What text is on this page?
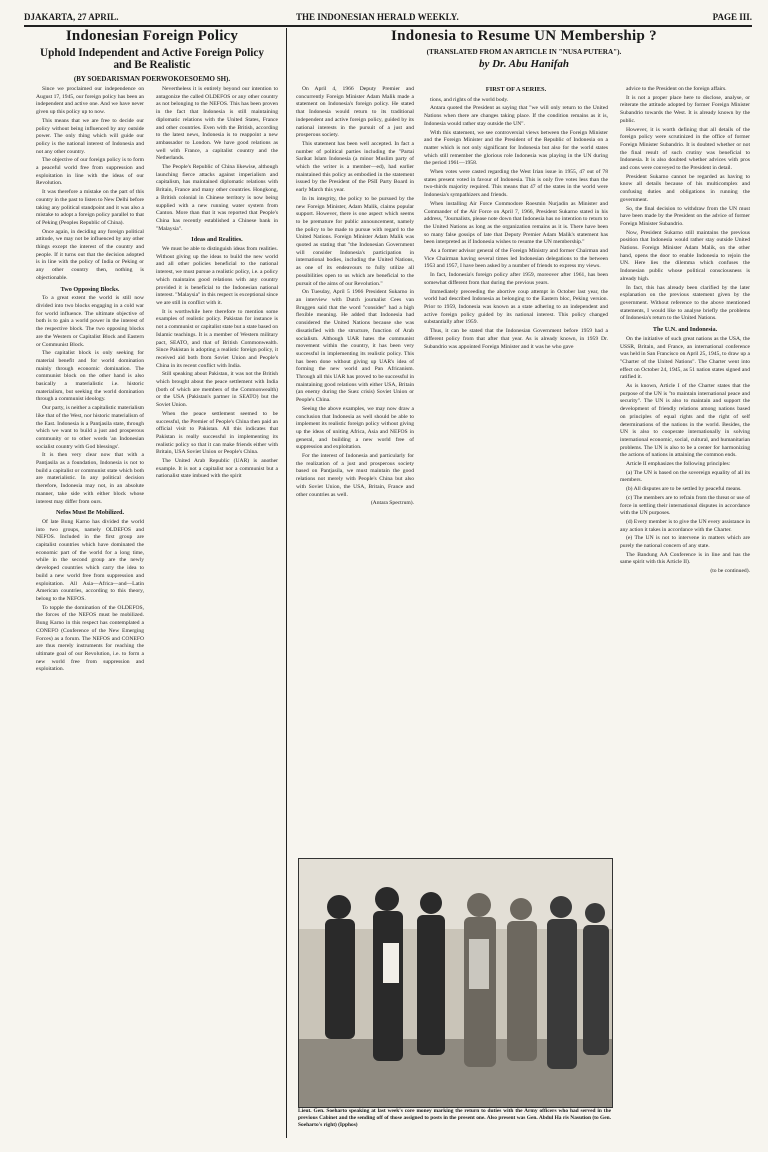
DJAKARTA, 27 APRIL.	THE INDONESIAN HERALD WEEKLY.	PAGE III.
Indonesian Foreign Policy
Uphold Independent and Active Foreign Policy and Be Realistic
(BY SOEDARISMAN POERWOKOESOEMO SH).

Since we proclaimed our independence on August 17, 1945, our foreign policy has been an independent and active one. And we have never given up this policy up to now.

This means that we are free to decide our policy without being influenced by any outside power. The only thing which will guide our policy is the national interest of Indonesia and not any other country.

The objective of our foreign policy is to form a peaceful world free from suppression and exploitation in line with the ideas of our Revolution.

It was therefore a mistake on the part of this country in the past to listen to New Delhi before taking any political standpoint and it was also a mistake to adopt a foreign policy parallel to that of Peking (Peoples Republic of China).

Once again, in deciding any foreign political attitude, we may not be influenced by any other things except the interest of the country and people. If it turns out that the decision adopted is in line with the policy of India or Peking or any other country then, nothing is objectionable.

Two Opposing Blocks.

To a great extent the world is still now divided into two blocks engaging in a cold war for world influence. The ultimate objective of both is to gain a world power in the interest of the respective block. The two opposing blocks are the Western or Capitalist Block and Eastern or Communist Block.

The capitalist block is only seeking for material benefit and for world domination mainly through economic domination. The communist block on the other hand is also basically a materialistic i.e. historic materialism, but seeking the world domination through a communist ideology.

Our party, is neither a capitalistic materialism like that of the West, nor historic materialism of the East. Indonesia is a Pantjasila state, through which we want to build a just and prosperous community or to other words 'an Indonesian socialist country with God blessings'.

It is then very clear now that with a Pantjasila as a foundation, Indonesia is not to build a capitalist or communist state which both are materialistic. In any political decision therefore, Indonesia may not, in an absolute manner, take side with either block whose interest may differ from ours.

Nefos Must Be Mobilized.

Of late Bung Karno has divided the world into two groups, namely OLDEFOS and NEFOS. Included in the first group are capitalist countries which have dominated the economic part of the world for a long time, while in the second group are the newly developed countries which carry the idea to build a new world free from suppression and exploitation. All Asia—Africa—and—Latin American countries, according to this theory, belong to the NEFOS.

To topple the domination of the OLDEFOS, the forces of the NEFOS must be mobilized. Bung Karno in this respect has contemplated a CONEFO (Conference of the New Emerging Forces) as a forum. The NEFOS and CONEFO are thus merely instruments for reaching the ultimate goal of our Revolution, i.e. to form a new world free from suppression and exploitation.

Nevertheless it is entirely beyond our intention to antagonize the called OLDEFOS or any other country as not belonging to the NEFOS. This has been proven in the fact that Indonesia is still maintaining diplomatic relations with the United States, France and other countries. Even with the British, according to the latest news, Indonesia is to reappoint a new ambassador to London. We have good relations as well with France, a capitalist country and the Netherlands.

The People's Republic of China likewise, although launching fierce attacks against imperialism and capitalism, has maintained diplomatic relations with Britain, France and many other countries. Hongkong, a British colonial in Chinese territory is now being supplied with a new running water system from Canton. More than that it was reported that People's China has recently established a Chinese bank in "Malaysia".

Ideas and Realities.

We must be able to distinguish ideas from realities. Without giving up the ideas to build the new world and all other policies beneficial to the national interest, we must pursue a realistic policy, i.e. a policy which maintains good relations with any country provided it is beneficial to the Indonesian national interest. "Malaysia" in this respect is exceptional since we are still in conflict with it.

It is worthwhile here therefore to mention some examples of realistic policy. Pakistan for instance is not a communist or capitalist state but a state based on Islamic teachings. It is a member of Western military pact, SEATO, and that of British Commonwealth. Since Pakistan is adopting a realistic foreign policy, it received aid both from Soviet Union and People's China in its recent conflict with India.

Still speaking about Pakistan, it was not the British which brought about the peace settlement with India (both of which are members of the Commonwealth) or the USA (Pakistan's partner in SEATO) but the Soviet Union.

When the peace settlement seemed to be successful, the Premier of People's China then paid an official visit to Pakistan. All this indicates that Pakistan is really successful in implementing its realistic policy so that it can make friends either with Britain, USA Soviet Union or People's China.

The United Arab Republic (UAR) is another example. It is not a capitalist nor a communist but a nationalist state imbued with the spirit

Indonesia to Resume UN Membership ?
(TRANSLATED FROM AN ARTICLE IN "NUSA PUTERA").
by Dr. Abu Hanifah

On April 4, 1966 Deputy Premier and concurrently Foreign Minister Adam Malik made a statement on Indonesia's foreign policy. He stated that Indonesia would return to its traditional independent and active foreign policy, guided by its national interests in the pursuit of a just and prosperous society.

This statement has been well accepted. In fact a number of political parties including the "Partai Sarikat Islam Indonesia (a minor Muslim party of which the writer is a member—ed), had earlier maintained this policy as embodied in the statement issued by the President of the PSII Party Board in early March this year.

In its integrity, the policy to be pursued by the new Foreign Minister, Adam Malik, claims popular support. However, there is one aspect which seems to be premature for public announcement, namely the policy to be made to pursue with regard to the United Nations. Foreign Minister Adam Malik was quoted as stating that "the Indonesian Government will consider Indonesia's participation in international bodies, including the United Nations, as one of its endeavours to fully utilize all possibilities open to us which are beneficial to the pursuit of the aims of our Revolution."

On Tuesday, April 5 1966 President Sukarno in an interview with Dutch journalist Cees van Bruggen said that the word "consider" had a high flexible meaning. He added that Indonesia had considered the United Nations because she was dissatisfied with the structure, function of Arab socialism. Although UAR hates the communist movement within the country, it has been very successful in implementing its realistic policy. This has been done without giving up UAR's idea of forming the new world and Pan Africanism. Through all this UAR has proved to be successful in maintaining good relations with either USA, Britain (an enemy during the Suez crisis) Soviet Union or People's China.

Seeing the above examples, we may now draw a conclusion that Indonesia as well should be able to implement its realistic foreign policy without giving up the ideas of uniting Africa, Asia and NEFOS in general, and building a new world free of suppression and exploitation.

For the interest of Indonesia and particularly for the realization of a just and prosperous society based on Pantjasila, we must maintain the good relations not merely with People's China but also with Soviet Union, the USA, Britain, France and other countries as well.

(Antara Spectrum).

FIRST OF A SERIES.

tions, and rights of the world body.

Antara quoted the President as saying that "we will only return to the United Nations when there are changes taking place. If the condition remains as it is, Indonesia would rather stay outside the UN".

With this statement, we see controversial views between the Foreign Minister and the Foreign Minister and the President of the Republic of Indonesia on a matter which is not only significant for Indonesia but also for the world states which still remember the glorious role Indonesia was playing in the UN during the period 1961—1958.

When votes were casted regarding the West Irian issue in 1955, 47 out of 78 states present voted in favour of Indonesia. This is only five votes less than the two-thirds majority required. This means that 47 of the states in the world were Indonesia's sympathizers and friends.

When installing Air Force Commodore Roesmin Nurjadin as Minister and Commander of the Air Force on April 7, 1966, President Sukarno stated in his address, "Journalists, please note down that Indonesia has no intention to return to the United Nations as long as the organization remains as it is. There have been so many false gossips of late that Deputy Premier Adam Malik's statement has been interpreted as if Indonesia wishes to resume the UN membership."

As a former advisor general of the Foreign Ministry and former Chairman and Vice Chairman having several times led Indonesian delegations to the between 1953 and 1957, I have been asked by a number of friends to express my views.

In fact, Indonesia's foreign policy after 1959, moreover after 1961, has been somewhat different from that during the previous years.

Immediately preceeding the abortive coup attempt in October last year, the world had described Indonesia as belonging to the Eastern bloc, Peking version. Prior to 1959, Indonesia was known as a state adhering to an independent and active foreign policy guided by its national interest. This policy changed substantially after 1959.

Thus, it can be stated that the Indonesian Government before 1959 had a different policy from that after that year. As is already known, in 1959 Dr. Subandrio was appointed Foreign Minister and it was he who gave

advice to the President on the foreign affairs.

It is not a proper place here to disclose, analyse, or reiterate the attitude adopted by former Foreign Minister Subandrio towards the West. It is already known by the public.

However, it is worth defining that all details of the foreign policy were scrutinized in the office of former Foreign Minister Subandrio. It is doubted whether or not the final result of such crutiny was beneficial to Indonesia. It is also doubted whether advices with pros and cons were conveyed to the President in detail.

President Sukarno cannot be regarded as having to know all details because of his multicomplex and confusing duties and obligations in running the government.

So, the final decision to withdraw from the UN must have been made by the President on the advice of former Foreign Minister Subandrio.

Now, President Sukarno still maintains the previous position that Indonesia would rather stay outside United Nations. Foreign Minister Adam Malik, on the other hand, opens the door to enable Indonesia to rejoin the UN. Here lies the dilemma which confuses the Indonesian public whose political consciousness is already high.

In fact, this has already been clarified by the later explanation on the previous statement given by the government. Without reference to the above mentioned statements, I would like to analyse briefly the problems of Indonesia's return to the United Nations.

The U.N. and Indonesia.

On the initiative of such great nations as the USA, the USSR, Britain, and France, an international conference was held in San Francisco on April 25, 1945, to draw up a "Charter of the United Nations". The Charter went into effect on October 24, 1945, as 51 nation states signed and ratified it.

As is known, Article I of the Charter states that the purpose of the UN is "to maintain international peace and security". The UN is also to maintain and support the development of friendly relations among nations based on principles of equal rights and the right of self determinations of the nations in the world. Besides, the UN is also to cooperate internationally in solving international economic, social, cultural, and humanitarian problems. The UN is also to be a center for harmonizing the actions of nations in attaining the common ends.

Article II emphasizes the following principles:

(a) The UN is based on the sovereign equality of all its members.

(b) All disputes are to be settled by peaceful means.

(c) The members are to refrain from the threat or use of force in settling their international disputes in accordance with the UN purposes.

(d) Every member is to give the UN every assistance in any action it takes in accordance with the Charter.

(e) The UN is not to intervene in matters which are purely the national concern of any state.

The Bandung AA Conference is in line and has the same spirit with this Article II).

(to be continued).

Lieut. Gen. Soeharto speaking at last week's core money marking the return to duties with the Army officers who had served in the previous Cabinet and the sending off of those assigned to posts in the present one. Also present was Gen. Abdul Ha ris Nasution (to Gen. Soeharto's right) (Ipphos)
